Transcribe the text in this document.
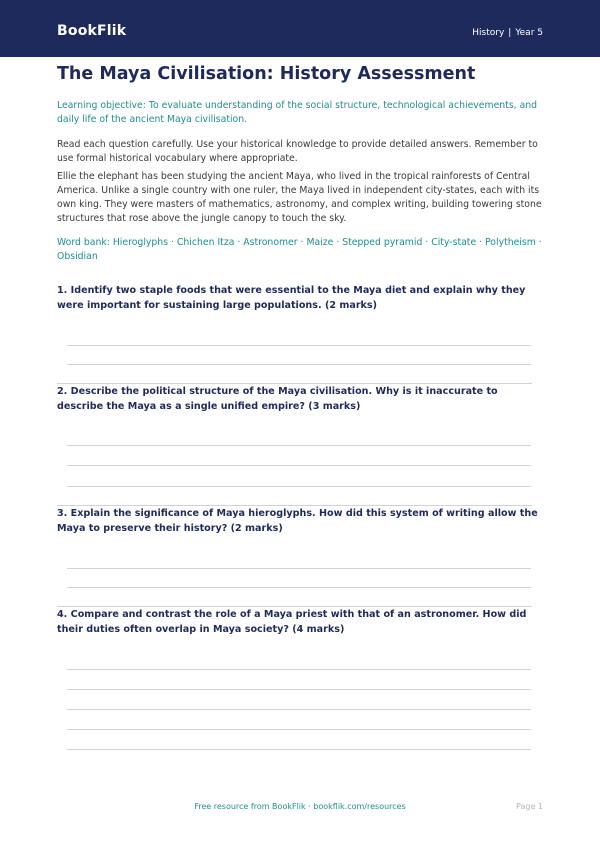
BookFlik	History | Year 5
The Maya Civilisation: History Assessment

Learning objective: To evaluate understanding of the social structure, technological achievements, and daily life of the ancient Maya civilisation.

Read each question carefully. Use your historical knowledge to provide detailed answers. Remember to use formal historical vocabulary where appropriate.

Ellie the elephant has been studying the ancient Maya, who lived in the tropical rainforests of Central America. Unlike a single country with one ruler, the Maya lived in independent city-states, each with its own king. They were masters of mathematics, astronomy, and complex writing, building towering stone structures that rose above the jungle canopy to touch the sky.

Word bank: Hieroglyphs · Chichen Itza · Astronomer · Maize · Stepped pyramid · City-state · Polytheism · Obsidian

1. Identify two staple foods that were essential to the Maya diet and explain why they were important for sustaining large populations. (2 marks)

2. Describe the political structure of the Maya civilisation. Why is it inaccurate to describe the Maya as a single unified empire? (3 marks)

3. Explain the significance of Maya hieroglyphs. How did this system of writing allow the Maya to preserve their history? (2 marks)

4. Compare and contrast the role of a Maya priest with that of an astronomer. How did their duties often overlap in Maya society? (4 marks)

Free resource from BookFlik · bookflik.com/resources	Page 1
